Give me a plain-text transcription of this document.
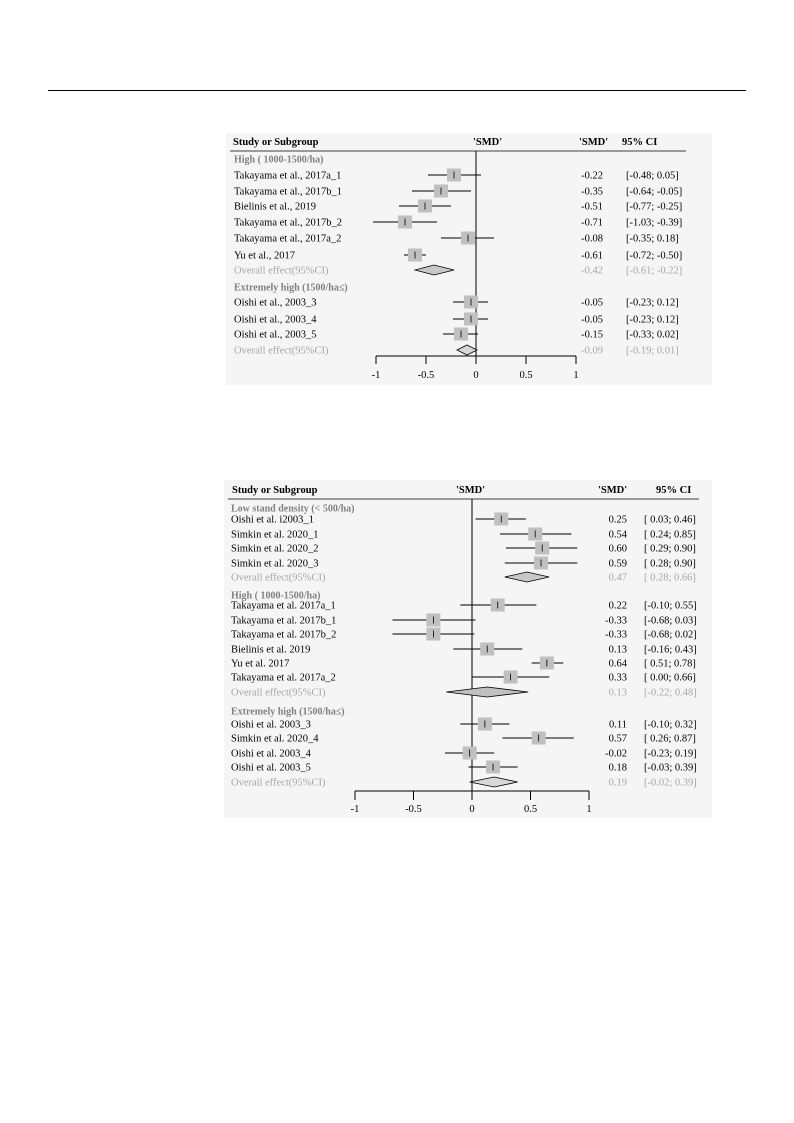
Study or Subgroup	'SMD'	'SMD' 95% CI
High ( 1000-1500/ha)
Takayama et al., 2017a_1	-0.22 [-0.48; 0.05]
Takayama et al., 2017b_1	-0.35 [-0.64; -0.05]
Bielinis et al., 2019	-0.51 [-0.77; -0.25]
Takayama et al., 2017b_2	-0.71 [-1.03; -0.39]
Takayama et al., 2017a_2	-0.08 [-0.35; 0.18]
Yu et al., 2017	-0.61 [-0.72; -0.50]
Overall effect(95%CI)	-0.42 [-0.61; -0.22]
Extremely high (1500/ha≤)
Oishi et al., 2003_3	-0.05 [-0.23; 0.12]
Oishi et al., 2003_4	-0.05 [-0.23; 0.12]
Oishi et al., 2003_5	-0.15 [-0.33; 0.02]
Overall effect(95%CI)	-0.09 [-0.19; 0.01]
-1	-0.5	0	0.5	1
Study or Subgroup	'SMD'	'SMD'	95% CI
Low stand density (< 500/ha)
Oishi et al. i2003_1	0.25 [ 0.03; 0.46]
Simkin et al. 2020_1	0.54 [ 0.24; 0.85]
Simkin et al. 2020_2	0.60 [ 0.29; 0.90]
Simkin et al. 2020_3	0.59 [ 0.28; 0.90]
Overall effect(95%CI)	0.47 [ 0.28; 0.66]
High ( 1000-1500/ha)
Takayama et al. 2017a_1	0.22 [-0.10; 0.55]
Takayama et al. 2017b_1	-0.33 [-0.68; 0.03]
Takayama et al. 2017b_2	-0.33 [-0.68; 0.02]
Bielinis et al. 2019	0.13 [-0.16; 0.43]
Yu et al. 2017	0.64 [ 0.51; 0.78]
Takayama et al. 2017a_2	0.33 [ 0.00; 0.66]
Overall effect(95%CI)	0.13 [-0.22; 0.48]
Extremely high (1500/ha≤)
Oishi et al. 2003_3	0.11 [-0.10; 0.32]
Simkin et al. 2020_4	0.57 [ 0.26; 0.87]
Oishi et al. 2003_4	-0.02 [-0.23; 0.19]
Oishi et al. 2003_5	0.18 [-0.03; 0.39]
Overall effect(95%CI)	0.19 [-0.02; 0.39]
-1	-0.5	0	0.5	1
